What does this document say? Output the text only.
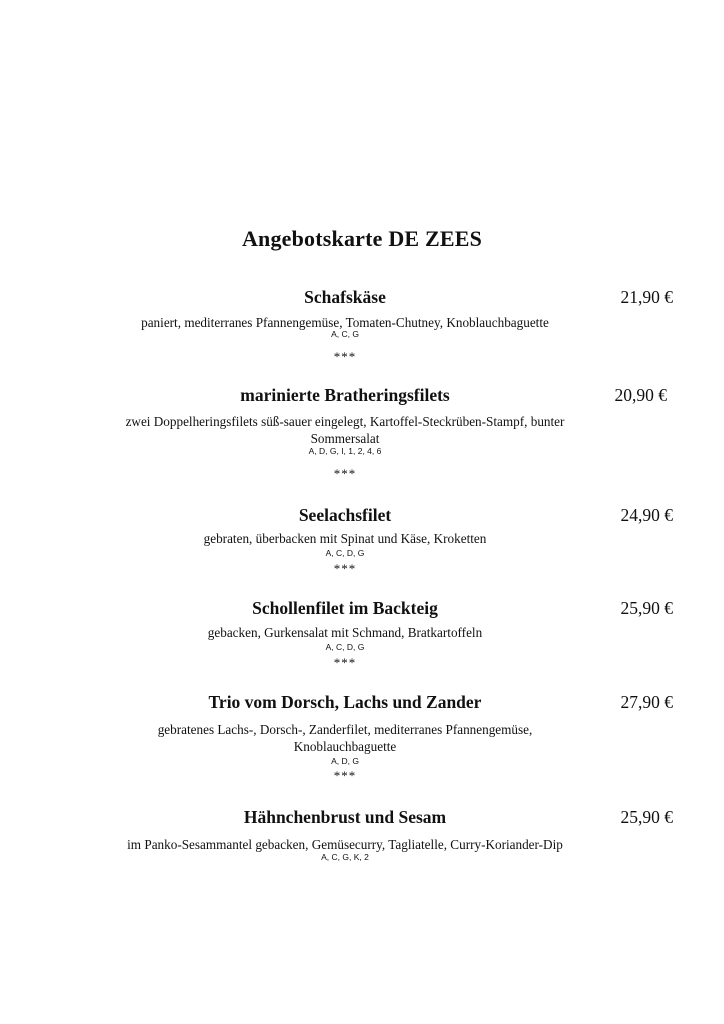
Angebotskarte DE ZEES
Schafskäse	21,90 €
paniert, mediterranes Pfannengemüse, Tomaten-Chutney, Knoblauchbaguette
A, C, G
***
marinierte Bratheringsfilets	20,90 €
zwei Doppelheringsfilets süß-sauer eingelegt, Kartoffel-Steckrüben-Stampf, bunter Sommersalat
A, D, G, I, 1, 2, 4, 6
***
Seelachsfilet	24,90 €
gebraten, überbacken mit Spinat und Käse, Kroketten
A, C, D, G
***
Schollenfilet im Backteig	25,90 €
gebacken, Gurkensalat mit Schmand, Bratkartoffeln
A, C, D, G
***
Trio vom Dorsch, Lachs und Zander	27,90 €
gebratenes Lachs-, Dorsch-, Zanderfilet, mediterranes Pfannengemüse, Knoblauchbaguette
A, D, G
***
Hähnchenbrust und Sesam	25,90 €
im Panko-Sesammantel gebacken, Gemüsecurry, Tagliatelle, Curry-Koriander-Dip
A, C, G, K, 2
